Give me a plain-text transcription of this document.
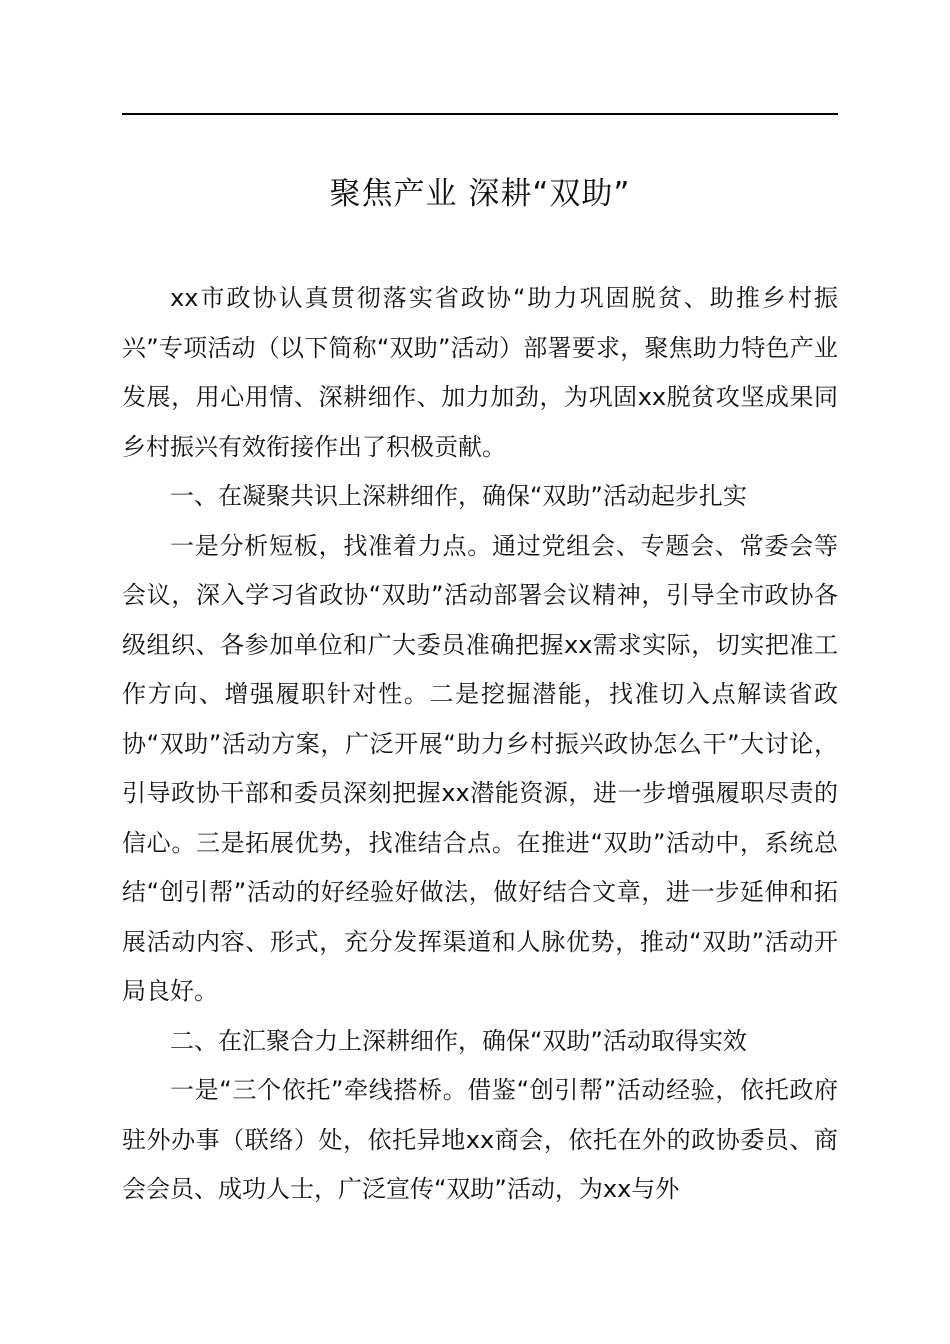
聚焦产业 深耕“双助”

xx市政协认真贯彻落实省政协“助力巩固脱贫、助推乡村振兴”专项活动（以下简称“双助”活动）部署要求，聚焦助力特色产业发展，用心用情、深耕细作、加力加劲，为巩固xx脱贫攻坚成果同乡村振兴有效衔接作出了积极贡献。

一、在凝聚共识上深耕细作，确保“双助”活动起步扎实

一是分析短板，找准着力点。通过党组会、专题会、常委会等会议，深入学习省政协“双助”活动部署会议精神，引导全市政协各级组织、各参加单位和广大委员准确把握xx需求实际，切实把准工作方向、增强履职针对性。二是挖掘潜能，找准切入点解读省政协“双助”活动方案，广泛开展“助力乡村振兴政协怎么干”大讨论，引导政协干部和委员深刻把握xx潜能资源，进一步增强履职尽责的信心。三是拓展优势，找准结合点。在推进“双助”活动中，系统总结“创引帮”活动的好经验好做法，做好结合文章，进一步延伸和拓展活动内容、形式，充分发挥渠道和人脉优势，推动“双助”活动开局良好。

二、在汇聚合力上深耕细作，确保“双助”活动取得实效

一是“三个依托”牵线搭桥。借鉴“创引帮”活动经验，依托政府驻外办事（联络）处，依托异地xx商会，依托在外的政协委员、商会会员、成功人士，广泛宣传“双助”活动，为xx与外
